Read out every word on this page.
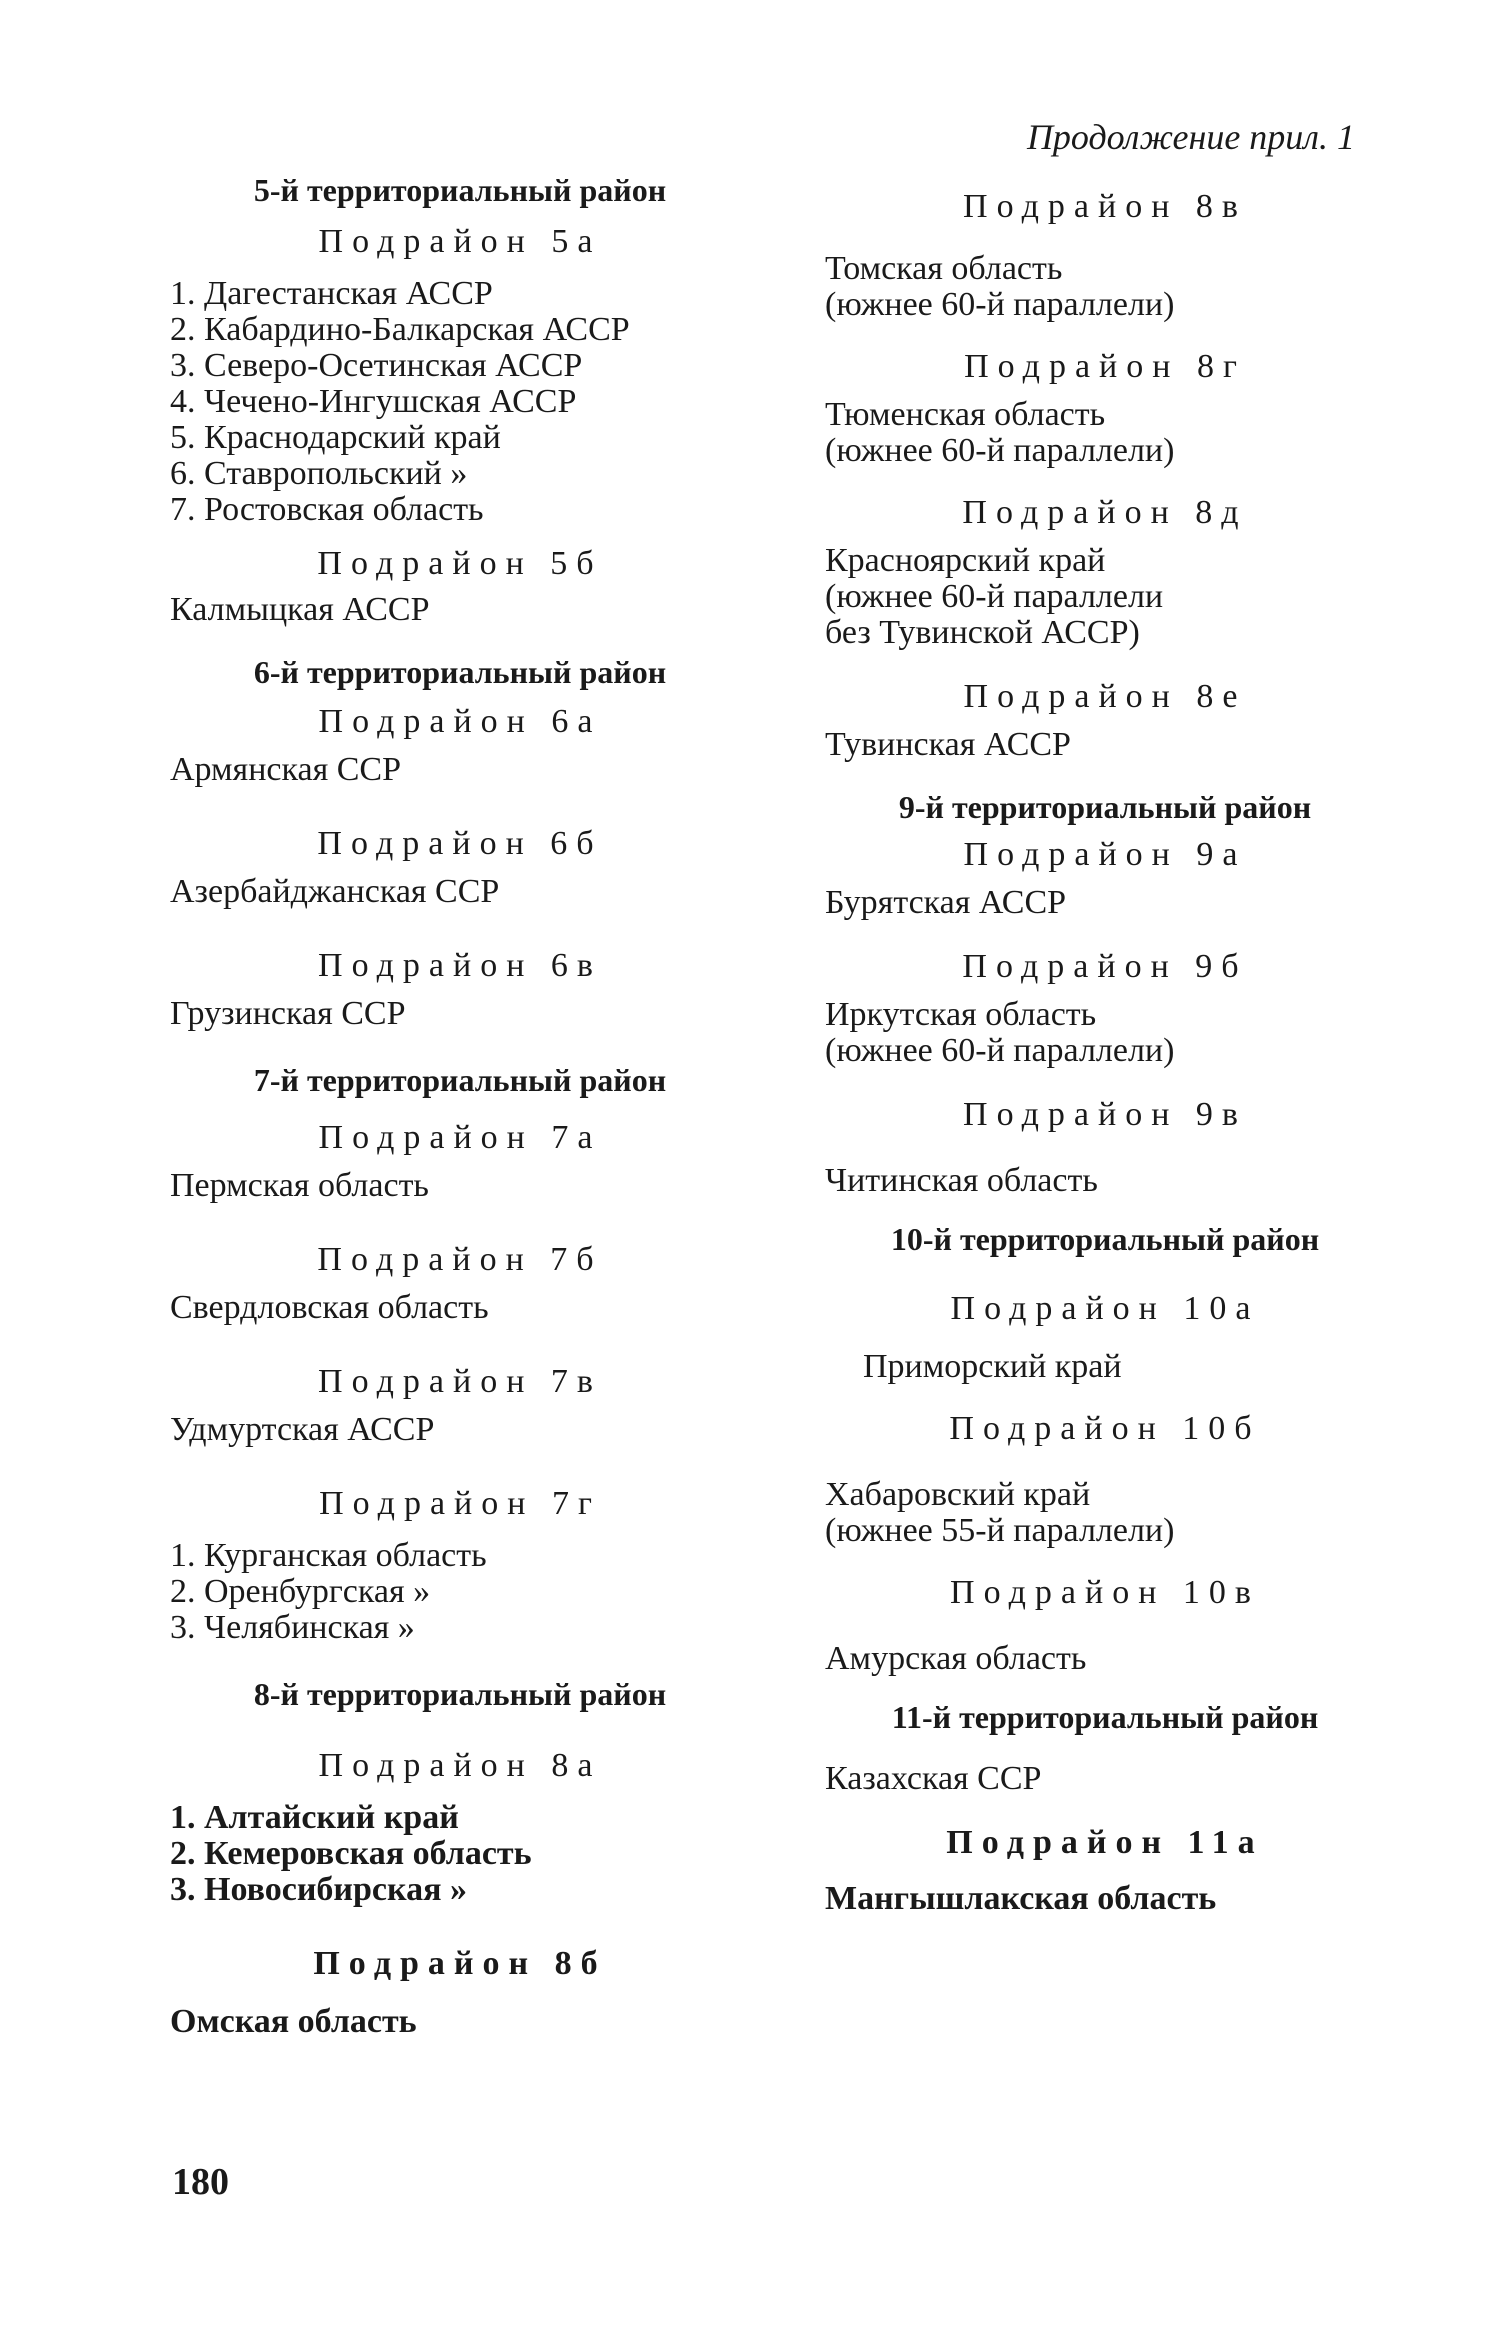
Продолжение прил. 1

5-й территориальный район

Подрайон 5а

1. Дагестанская АССР
2. Кабардино-Балкарская АССР
3. Северо-Осетинская АССР
4. Чечено-Ингушская АССР
5. Краснодарский край
6. Ставропольский »
7. Ростовская область

Подрайон 5б

Калмыцкая АССР

6-й территориальный район

Подрайон 6а

Армянская ССР

Подрайон 6б

Азербайджанская ССР

Подрайон 6в

Грузинская ССР

7-й территориальный район

Подрайон 7а

Пермская область

Подрайон 7б

Свердловская область

Подрайон 7в

Удмуртская АССР

Подрайон 7г

1. Курганская область
2. Оренбургская »
3. Челябинская »

8-й территориальный район

Подрайон 8а

1. Алтайский край
2. Кемеровская область
3. Новосибирская »

Подрайон 8б

Омская область

Подрайон 8в

Томская область

(южнее 60-й параллели)

Подрайон 8г

Тюменская область

(южнее 60-й параллели)

Подрайон 8д

Красноярский край

(южнее 60-й параллели

без Тувинской АССР)

Подрайон 8е

Тувинская АССР

9-й территориальный район

Подрайон 9а

Бурятская АССР

Подрайон 9б

Иркутская область

(южнее 60-й параллели)

Подрайон 9в

Читинская область

10-й территориальный район

Подрайон 10а

Приморский край

Подрайон 10б

Хабаровский край

(южнее 55-й параллели)

Подрайон 10в

Амурская область

11-й территориальный район

Казахская ССР

Подрайон 11а

Мангышлакская область

180
